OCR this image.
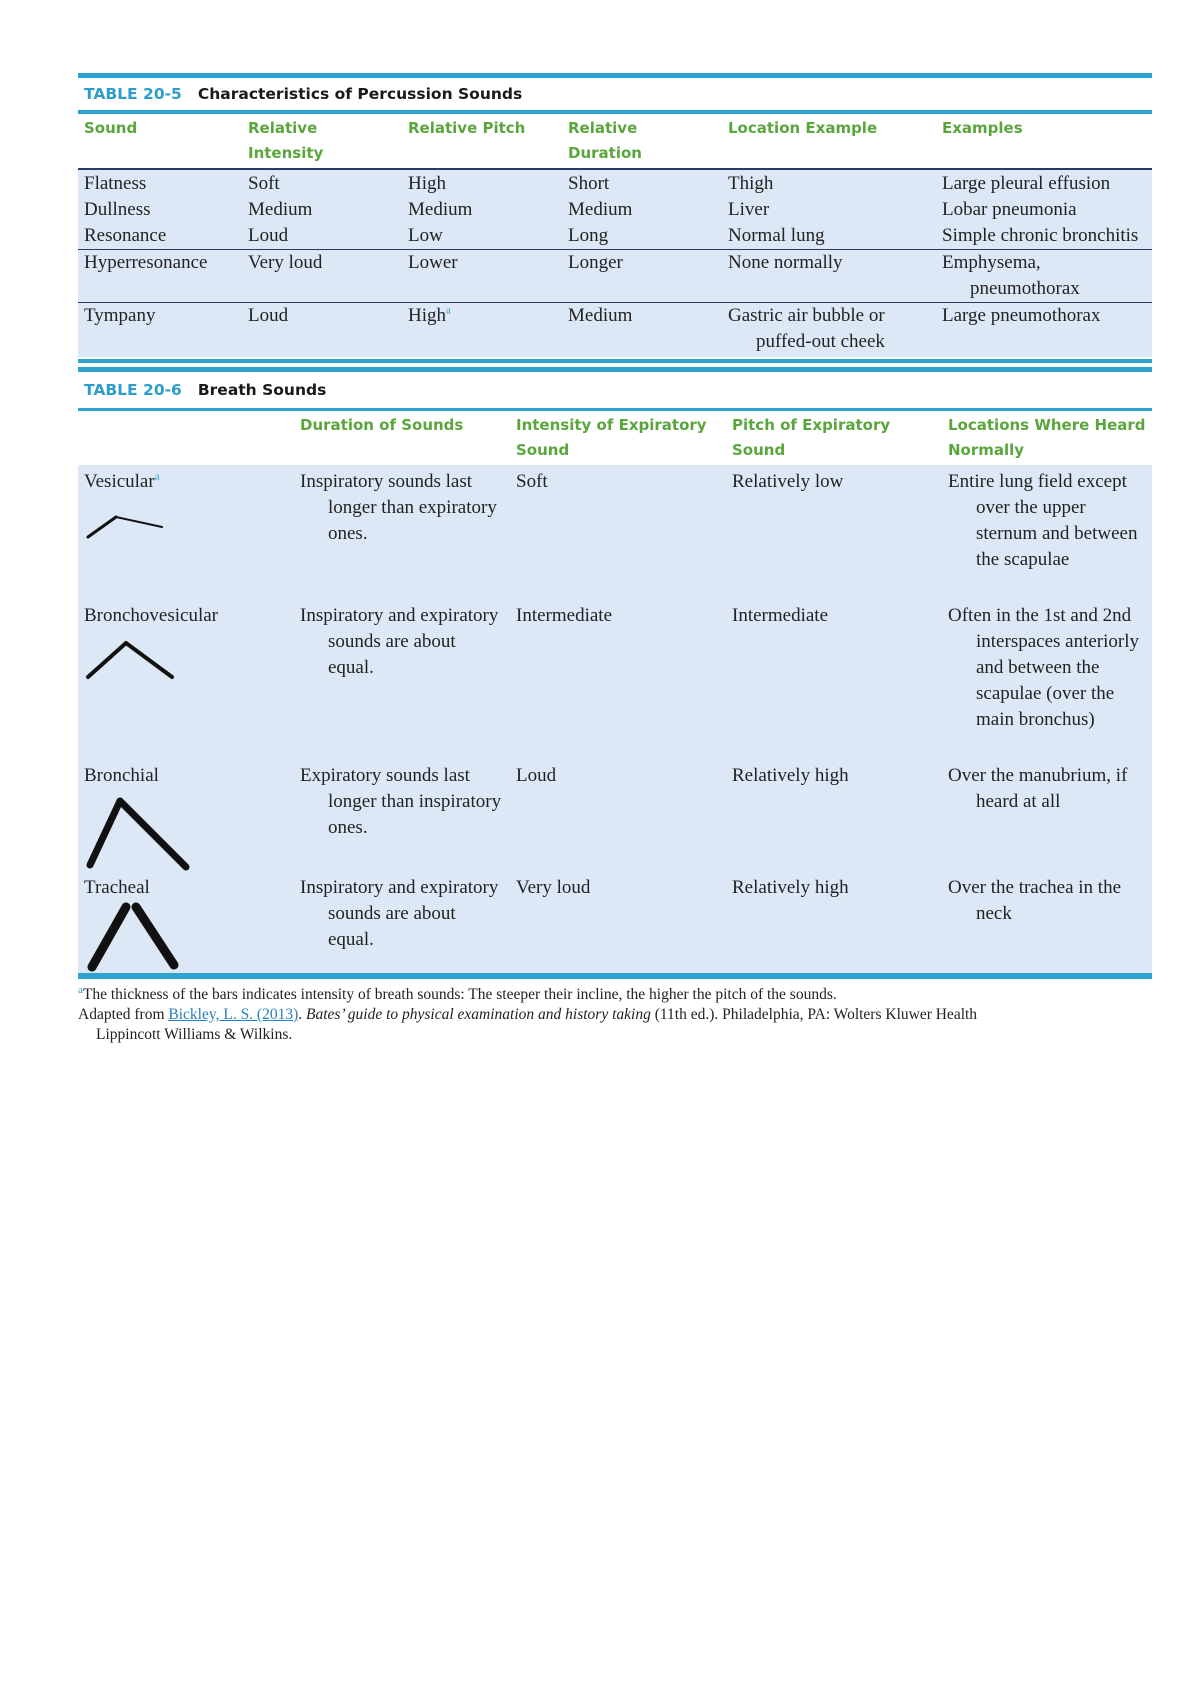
TABLE 20-5 Characteristics of Percussion Sounds
Sound	Relative Intensity	Relative Pitch	Relative Duration	Location Example	Examples
Flatness	Soft	High	Short	Thigh	Large pleural effusion
Dullness	Medium	Medium	Medium	Liver	Lobar pneumonia
Resonance	Loud	Low	Long	Normal lung	Simple chronic bronchitis

Hyperresonance	Very loud	Lower	Longer	None normally	Emphysema, pneumothorax

Tympany	Loud	High$^a$	Medium	Gastric air bubble or puffed-out cheek	Large pneumothorax
TABLE 20-6 Breath Sounds
	Duration of Sounds	Intensity of Expiratory Sound	Pitch of Expiratory Sound	Locations Where Heard Normally
Vesicular$^a$	Inspiratory sounds last longer than expiratory ones.	Soft	Relatively low	Entire lung field except over the upper sternum and between the scapulae

Bronchovesicular	Inspiratory and expiratory sounds are about equal.	Intermediate	Intermediate	Often in the 1st and 2nd interspaces anteriorly and between the scapulae (over the main bronchus)

Bronchial	Expiratory sounds last longer than inspiratory ones.	Loud	Relatively high	Over the manubrium, if heard at all

Tracheal	Inspiratory and expiratory sounds are about equal.	Very loud	Relatively high	Over the trachea in the neck
$^a$The thickness of the bars indicates intensity of breath sounds: The steeper their incline, the higher the pitch of the sounds.
Adapted from Bickley, L. S. (2013). Bates’ guide to physical examination and history taking (11th ed.). Philadelphia, PA: Wolters Kluwer Health
Lippincott Williams & Wilkins.
